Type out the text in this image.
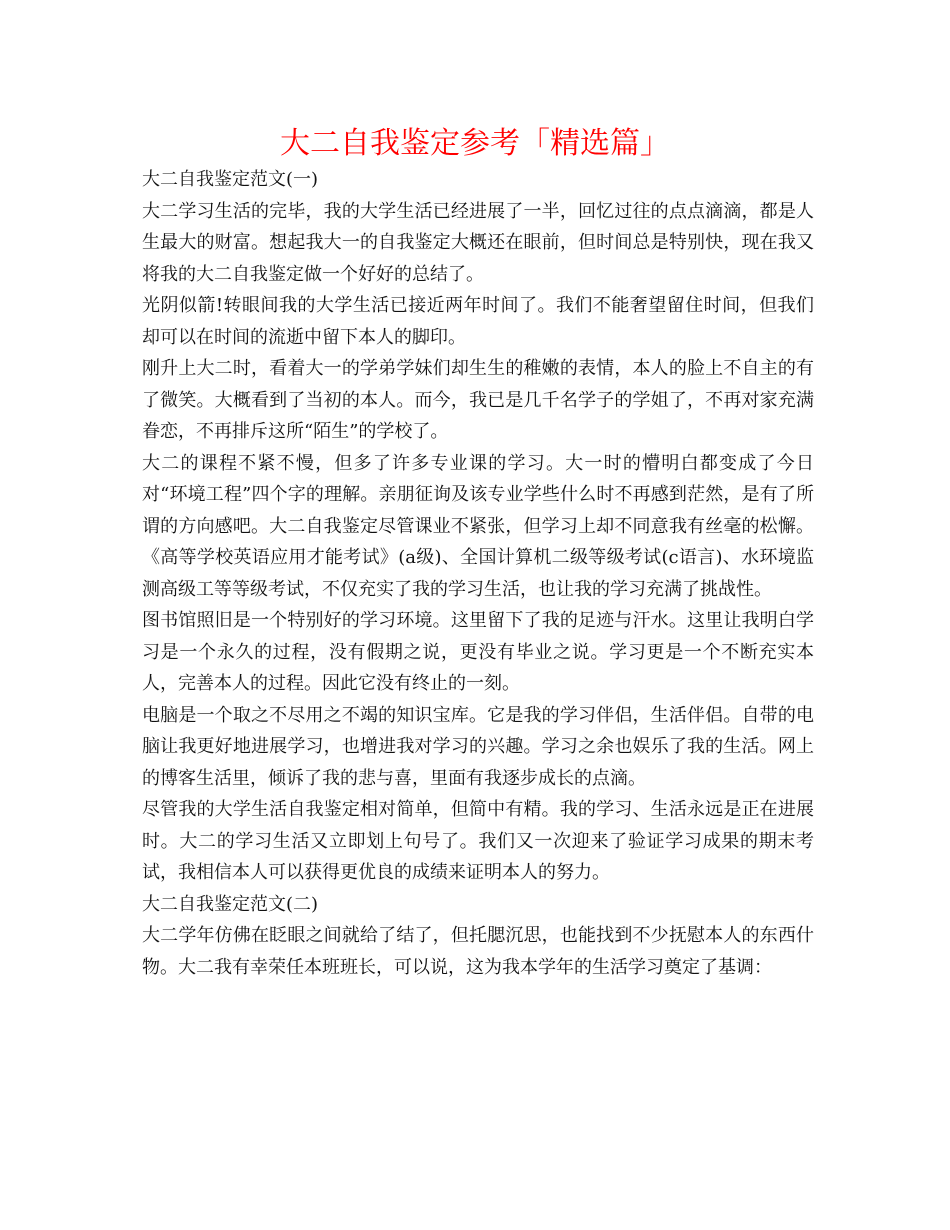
大二自我鉴定参考「精选篇」

大二自我鉴定范文(一)

大二学习生活的完毕，我的大学生活已经进展了一半，回忆过往的点点滴滴，都是人生最大的财富。想起我大一的自我鉴定大概还在眼前，但时间总是特别快，现在我又将我的大二自我鉴定做一个好好的总结了。

光阴似箭!转眼间我的大学生活已接近两年时间了。我们不能奢望留住时间，但我们却可以在时间的流逝中留下本人的脚印。

刚升上大二时，看着大一的学弟学妹们却生生的稚嫩的表情，本人的脸上不自主的有了微笑。大概看到了当初的本人。而今，我已是几千名学子的学姐了，不再对家充满眷恋，不再排斥这所“陌生”的学校了。

大二的课程不紧不慢，但多了许多专业课的学习。大一时的懵明白都变成了今日对“环境工程”四个字的理解。亲朋征询及该专业学些什么时不再感到茫然，是有了所谓的方向感吧。大二自我鉴定尽管课业不紧张，但学习上却不同意我有丝毫的松懈。《高等学校英语应用才能考试》(a级)、全国计算机二级等级考试(c语言)、水环境监测高级工等等级考试，不仅充实了我的学习生活，也让我的学习充满了挑战性。

图书馆照旧是一个特别好的学习环境。这里留下了我的足迹与汗水。这里让我明白学习是一个永久的过程，没有假期之说，更没有毕业之说。学习更是一个不断充实本人，完善本人的过程。因此它没有终止的一刻。

电脑是一个取之不尽用之不竭的知识宝库。它是我的学习伴侣，生活伴侣。自带的电脑让我更好地进展学习，也增进我对学习的兴趣。学习之余也娱乐了我的生活。网上的博客生活里，倾诉了我的悲与喜，里面有我逐步成长的点滴。

尽管我的大学生活自我鉴定相对简单，但简中有精。我的学习、生活永远是正在进展时。大二的学习生活又立即划上句号了。我们又一次迎来了验证学习成果的期末考试，我相信本人可以获得更优良的成绩来证明本人的努力。

大二自我鉴定范文(二)

大二学年仿佛在眨眼之间就给了结了，但托腮沉思，也能找到不少抚慰本人的东西什物。大二我有幸荣任本班班长，可以说，这为我本学年的生活学习奠定了基调：
